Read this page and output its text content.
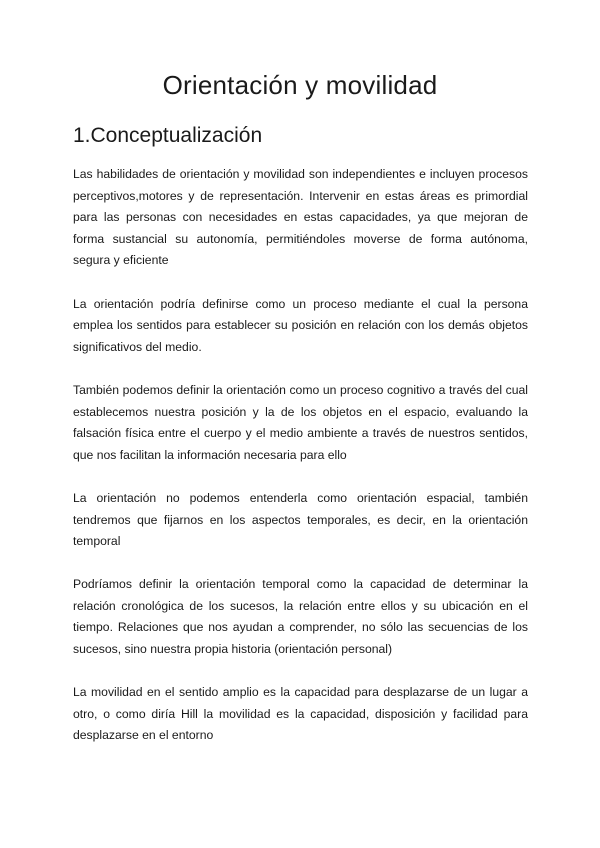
Orientación y movilidad
1.Conceptualización

Las habilidades de orientación y movilidad son independientes e incluyen procesos perceptivos,motores y de representación. Intervenir en estas áreas es primordial para las personas con necesidades en estas capacidades, ya que mejoran de forma sustancial su autonomía, permitiéndoles moverse de forma autónoma, segura y eficiente

La orientación podría definirse como un proceso mediante el cual la persona emplea los sentidos para establecer su posición en relación con los demás objetos significativos del medio.

También podemos definir la orientación como un proceso cognitivo a través del cual establecemos nuestra posición y la de los objetos en el espacio, evaluando la falsación física entre el cuerpo y el medio ambiente a través de nuestros sentidos, que nos facilitan la información necesaria para ello

La orientación no podemos entenderla como orientación espacial, también tendremos que fijarnos en los aspectos temporales, es decir, en la orientación temporal

Podríamos definir la orientación temporal como la capacidad de determinar la relación cronológica de los sucesos, la relación entre ellos y su ubicación en el tiempo. Relaciones que nos ayudan a comprender, no sólo las secuencias de los sucesos, sino nuestra propia historia (orientación personal)

La movilidad en el sentido amplio es la capacidad para desplazarse de un lugar a otro, o como diría Hill la movilidad es la capacidad, disposición y facilidad para desplazarse en el entorno
